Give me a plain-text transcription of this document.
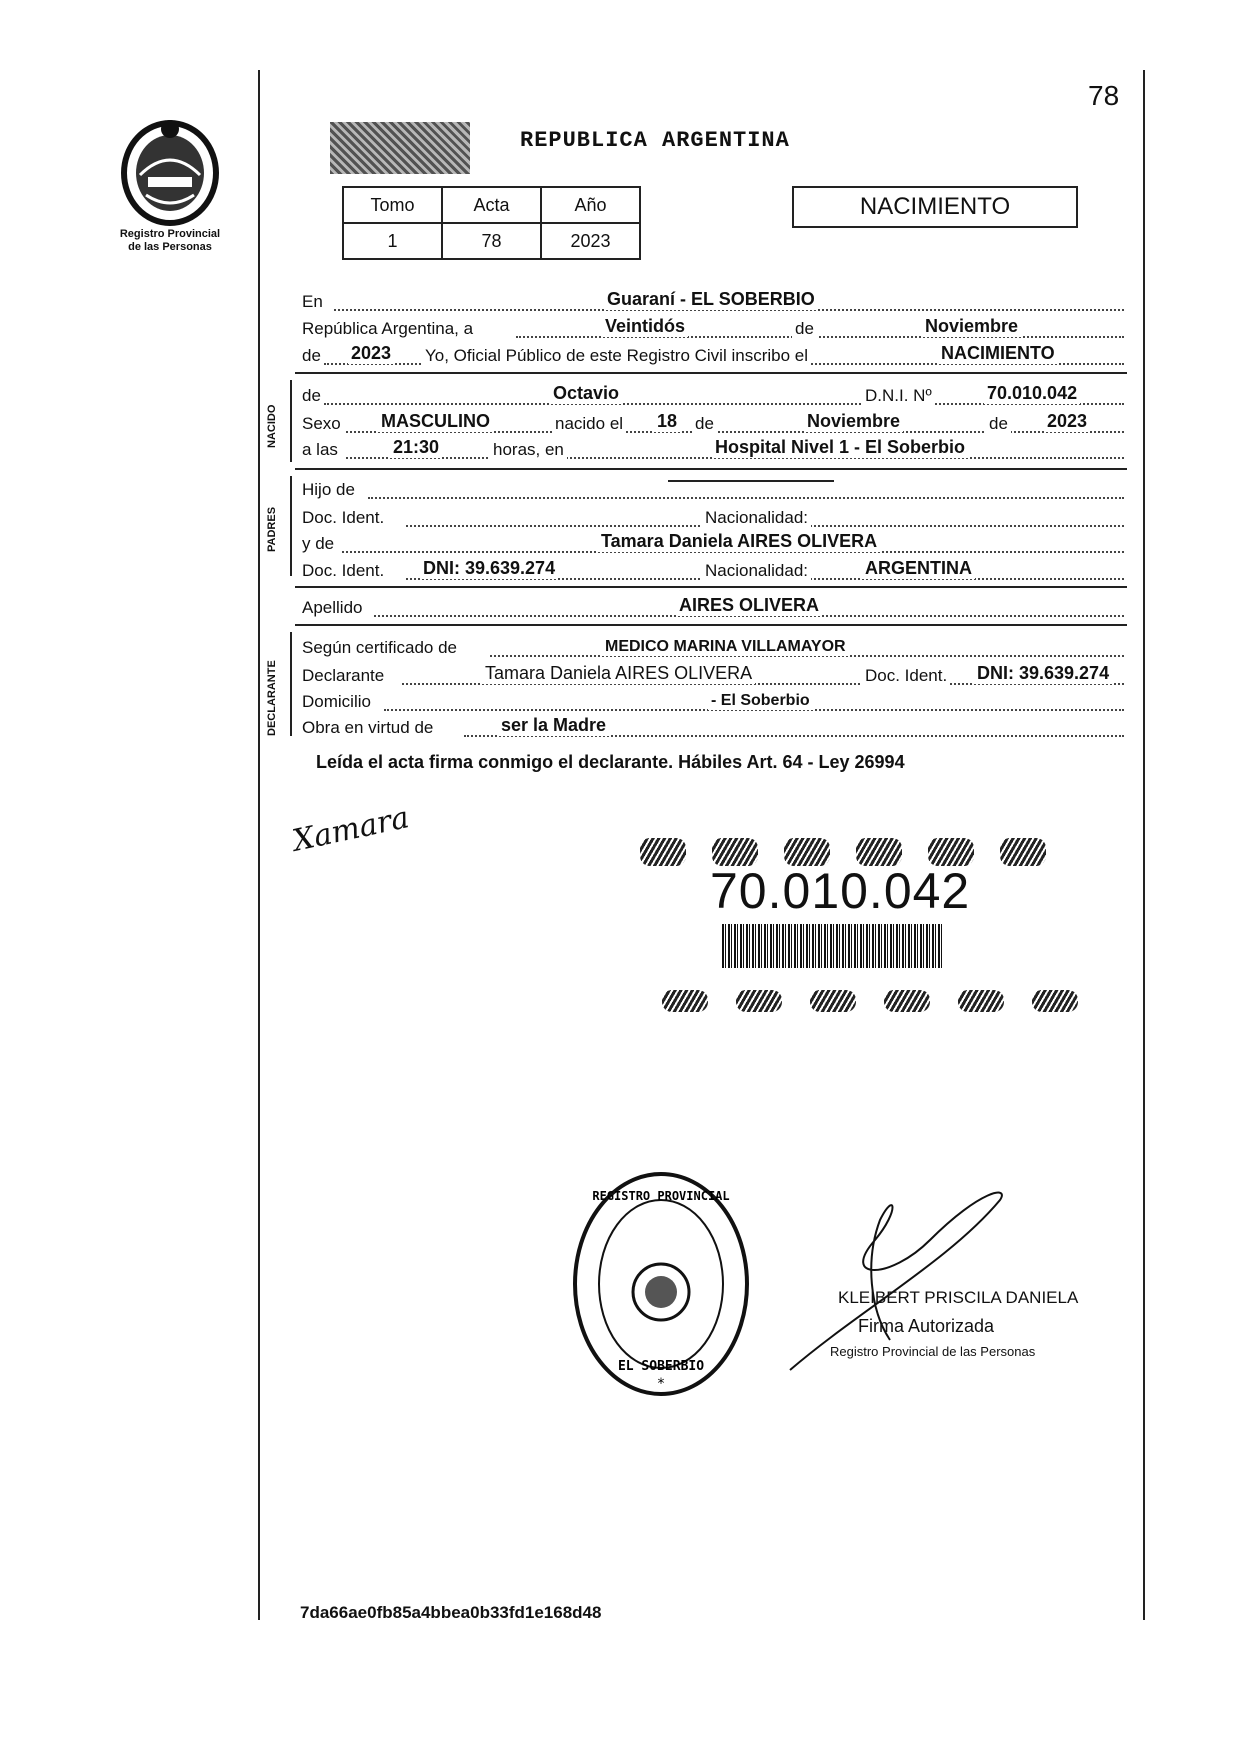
78
Registro Provincial
de las Personas
REPUBLICA ARGENTINA
Tomo	Acta	Año
1	78	2023
NACIMIENTO
En	Guaraní - EL SOBERBIO
República Argentina, a	Veintidós	de	Noviembre
de 2023 Yo, Oficial Público de este Registro Civil inscribo el	NACIMIENTO
NACIDO
de	Octavio	D.N.I. Nº	70.010.042
Sexo MASCULINO	nacido el 18 de	Noviembre	de 2023
a las	21:30	horas, en	Hospital Nivel 1 - El Soberbio
PADRES
Hijo de
Doc. Ident.	Nacionalidad:
y de	Tamara Daniela AIRES OLIVERA
Doc. Ident. DNI: 39.639.274	Nacionalidad:	ARGENTINA
Apellido	AIRES OLIVERA
DECLARANTE
Según certificado de	MEDICO MARINA VILLAMAYOR
Declarante	Tamara Daniela AIRES OLIVERA	Doc. Ident. DNI: 39.639.274
Domicilio	- El Soberbio
Obra en virtud de	ser la Madre
Leída el acta firma conmigo el declarante. Hábiles Art. 64 - Ley 26994
Xamara
70.010.042
REGISTRO PROVINCIAL
EL SOBERBIO
*
KLEIBERT PRISCILA DANIELA
Firma Autorizada
Registro Provincial de las Personas
7da66ae0fb85a4bbea0b33fd1e168d48
